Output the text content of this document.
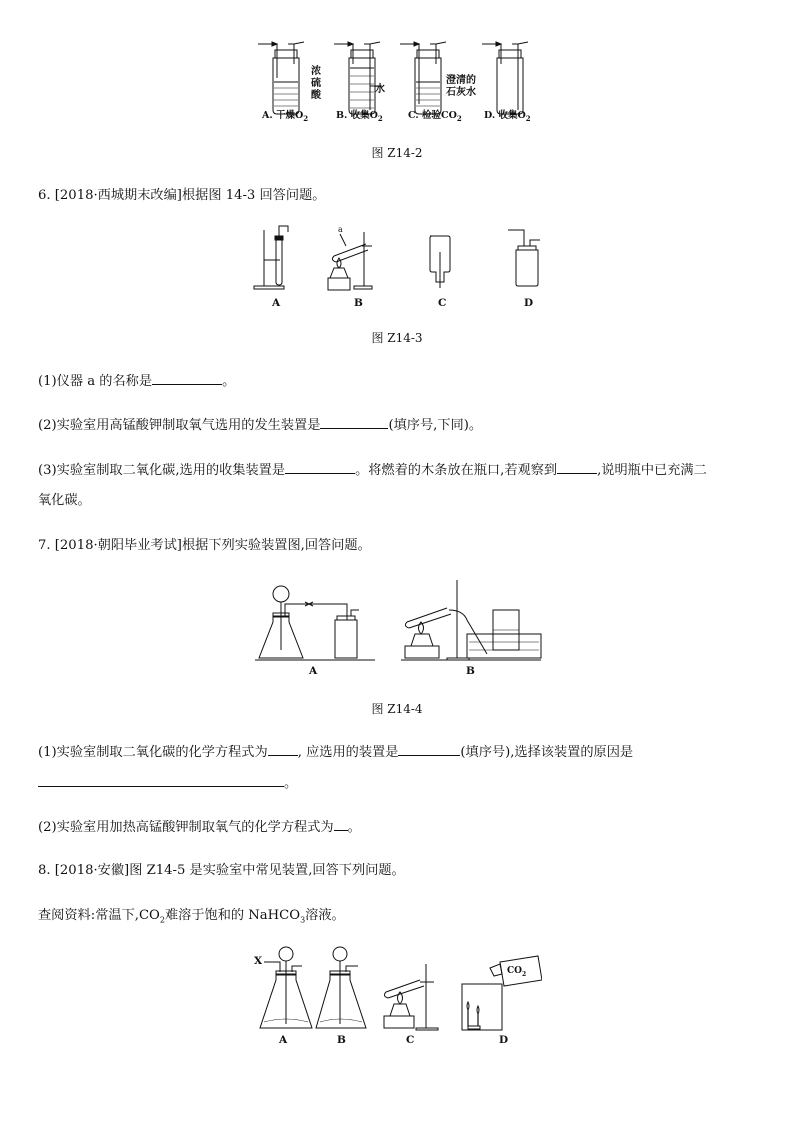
浓
硫
酸
水
澄清的
石灰水
A. 干燥$O_2$	B. 收集$O_2$	C. 检验$CO_2$ D. 收集$O_2$
图 Z14-2
6. [2018·西城期末改编]根据图 14-3 回答问题。
a
A	B	C	D
图 Z14-3
(1)仪器 a 的名称是	。
(2)实验室用高锰酸钾制取氧气选用的发生装置是	(填序号,下同)。
(3)实验室制取二氧化碳,选用的收集装置是	。将燃着的木条放在瓶口,若观察到	,说明瓶中已充满二
氧化碳。
7. [2018·朝阳毕业考试]根据下列实验装置图,回答问题。
A	B
图 Z14-4
(1)实验室制取二氧化碳的化学方程式为 , 应选用的装置是	(填序号),选择该装置的原因是
。
(2)实验室用加热高锰酸钾制取氧气的化学方程式为 。
8. [2018·安徽]图 Z14-5 是实验室中常见装置,回答下列问题。
查阅资料:常温下$,CO_2$难溶于饱和的 NaHCO$_3$溶液。
X
$CO_2$
A	B	C	D
